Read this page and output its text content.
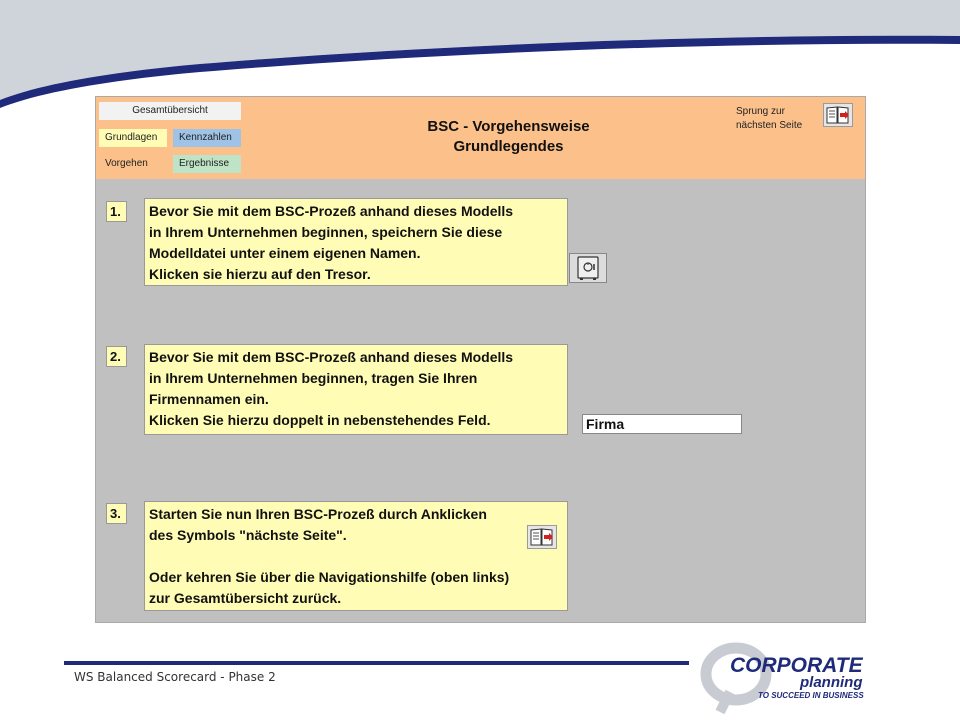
Gesamtübersicht
Grundlagen	Kennzahlen
Vorgehen	Ergebnisse
BSC - Vorgehensweise
Grundlegendes
Sprung zur
nächsten Seite
1.	Bevor Sie mit dem BSC-Prozeß anhand dieses Modells
in Ihrem Unternehmen beginnen, speichern Sie diese
Modelldatei unter einem eigenen Namen.
Klicken sie hierzu auf den Tresor.
2.	Bevor Sie mit dem BSC-Prozeß anhand dieses Modells
in Ihrem Unternehmen beginnen, tragen Sie Ihren
Firmennamen ein.
Klicken Sie hierzu doppelt in nebenstehendes Feld.	Firma
3.	Starten Sie nun Ihren BSC-Prozeß durch Anklicken
des Symbols "nächste Seite".
Oder kehren Sie über die Navigationshilfe (oben links)
zur Gesamtübersicht zurück.
WS Balanced Scorecard - Phase 2	CORPORATE
planning
TO SUCCEED IN BUSINESS
